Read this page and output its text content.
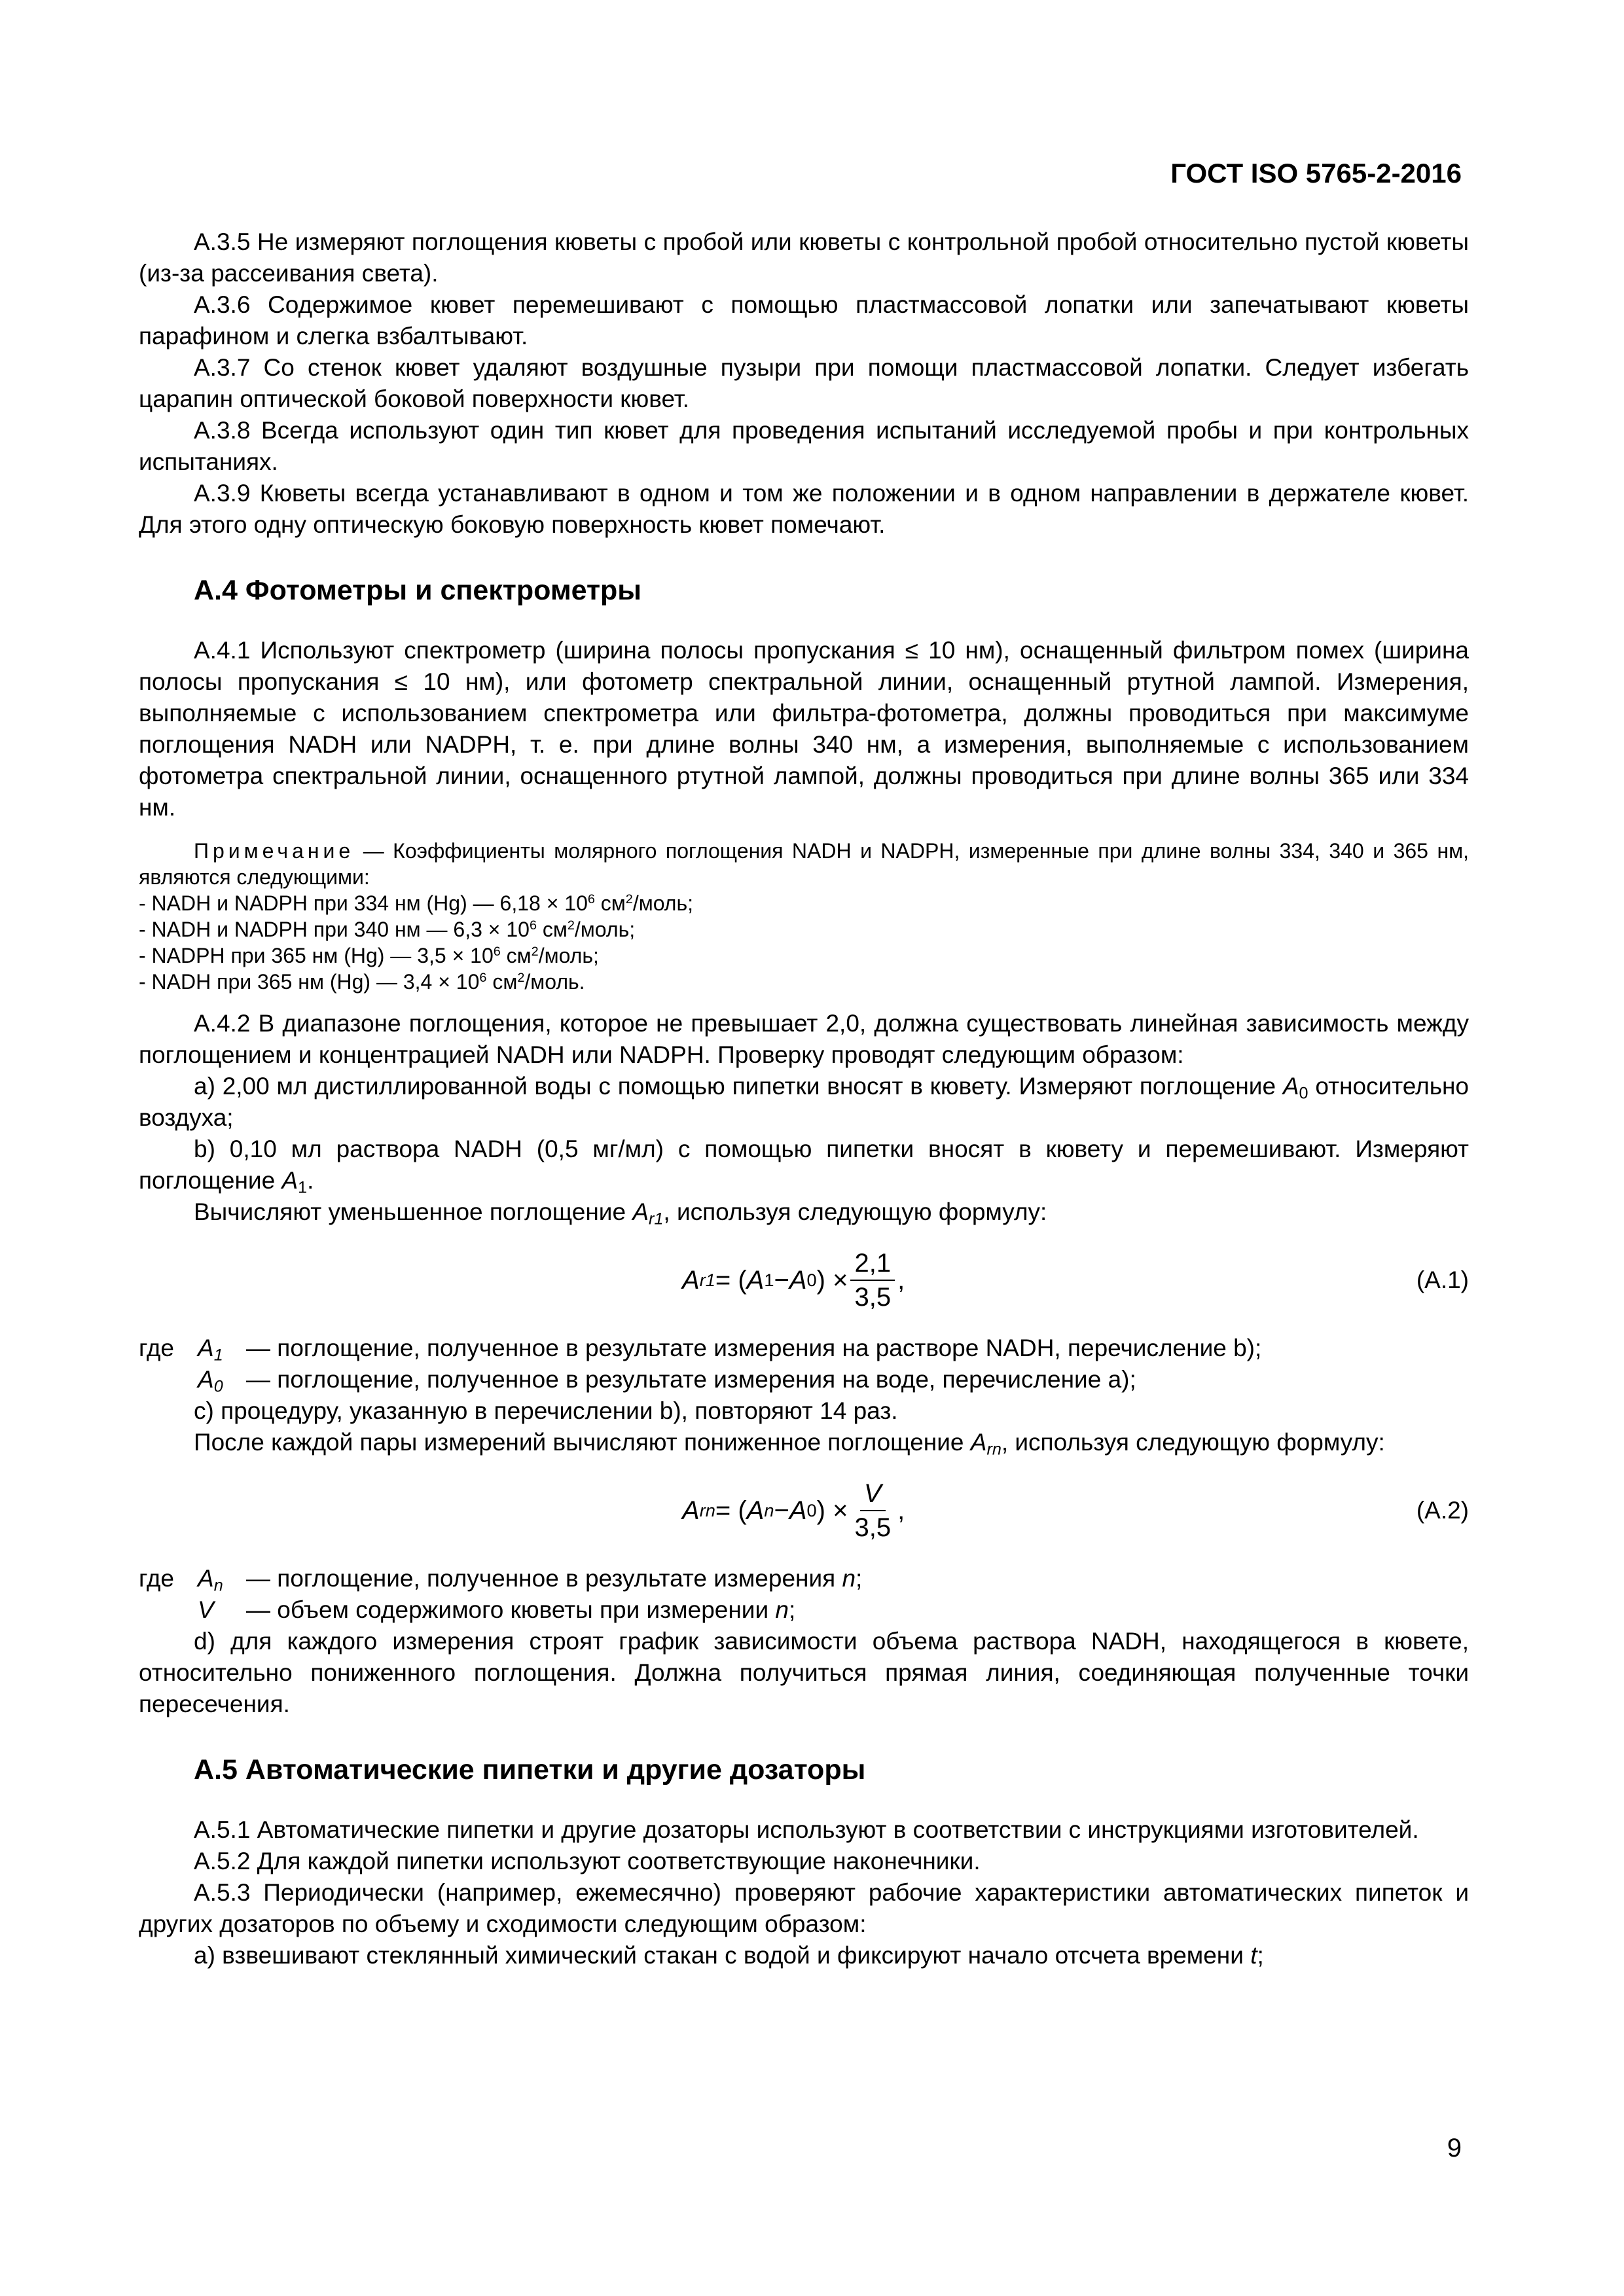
ГОСТ ISO 5765-2-2016

А.3.5 Не измеряют поглощения кюветы с пробой или кюветы с контрольной пробой относительно пустой кюветы (из-за рассеивания света).

А.3.6 Содержимое кювет перемешивают с помощью пластмассовой лопатки или запечатывают кюветы парафином и слегка взбалтывают.

А.3.7 Со стенок кювет удаляют воздушные пузыри при помощи пластмассовой лопатки. Следует избегать царапин оптической боковой поверхности кювет.

А.3.8 Всегда используют один тип кювет для проведения испытаний исследуемой пробы и при контрольных испытаниях.

А.3.9 Кюветы всегда устанавливают в одном и том же положении и в одном направлении в держателе кювет. Для этого одну оптическую боковую поверхность кювет помечают.

А.4 Фотометры и спектрометры

А.4.1 Используют спектрометр (ширина полосы пропускания ≤ 10 нм), оснащенный фильтром помех (ширина полосы пропускания ≤ 10 нм), или фотометр спектральной линии, оснащенный ртутной лампой. Измерения, выполняемые с использованием спектрометра или фильтра-фотометра, должны проводиться при максимуме поглощения NADH или NADPH, т. е. при длине волны 340 нм, а измерения, выполняемые с использованием фотометра спектральной линии, оснащенного ртутной лампой, должны проводиться при длине волны 365 или 334 нм.

Примечание — Коэффициенты молярного поглощения NADH и NADPH, измеренные при длине волны 334, 340 и 365 нм, являются следующими:

- NADH и NADPH при 334 нм (Hg) — $6,18 \times 10^6$ $см^2$/моль;
- NADH и NADPH при 340 нм — $6,3 \times 10^6$ $см^2$/моль;
- NADPH при 365 нм (Hg) — $3,5 \times 10^6$ $см^2$/моль;
- NADH при 365 нм (Hg) — $3,4 \times 10^6$ $см^2$/моль.

А.4.2 В диапазоне поглощения, которое не превышает 2,0, должна существовать линейная зависимость между поглощением и концентрацией NADH или NADPH. Проверку проводят следующим образом:

а) 2,00 мл дистиллированной воды с помощью пипетки вносят в кювету. Измеряют поглощение $A_0$ относительно воздуха;

b) 0,10 мл раствора NADH (0,5 мг/мл) с помощью пипетки вносят в кювету и перемешивают. Измеряют поглощение $A_1$.

Вычисляют уменьшенное поглощение $A_{r1}$, используя следующую формулу:

A r1 = ( A 1 − A 0 ) × $\frac{2,1}{3,5}$ ,	(А.1)
где $A_1$ — поглощение, полученное в результате измерения на растворе NADH, перечисление b);
$A_0$ — поглощение, полученное в результате измерения на воде, перечисление а);

с) процедуру, указанную в перечислении b), повторяют 14 раз.

После каждой пары измерений вычисляют пониженное поглощение $A_{rn}$, используя следующую формулу:

A rn = ( A n − A 0 ) × $\frac{V}{3,5}$ ,	(А.2)
где $A_n$ — поглощение, полученное в результате измерения n;
V	— объем содержимого кюветы при измерении n;

d) для каждого измерения строят график зависимости объема раствора NADH, находящегося в кювете, относительно пониженного поглощения. Должна получиться прямая линия, соединяющая полученные точки пересечения.

А.5 Автоматические пипетки и другие дозаторы

А.5.1 Автоматические пипетки и другие дозаторы используют в соответствии с инструкциями изготовителей.

А.5.2 Для каждой пипетки используют соответствующие наконечники.

А.5.3 Периодически (например, ежемесячно) проверяют рабочие характеристики автоматических пипеток и других дозаторов по объему и сходимости следующим образом:

а) взвешивают стеклянный химический стакан с водой и фиксируют начало отсчета времени t;

9
